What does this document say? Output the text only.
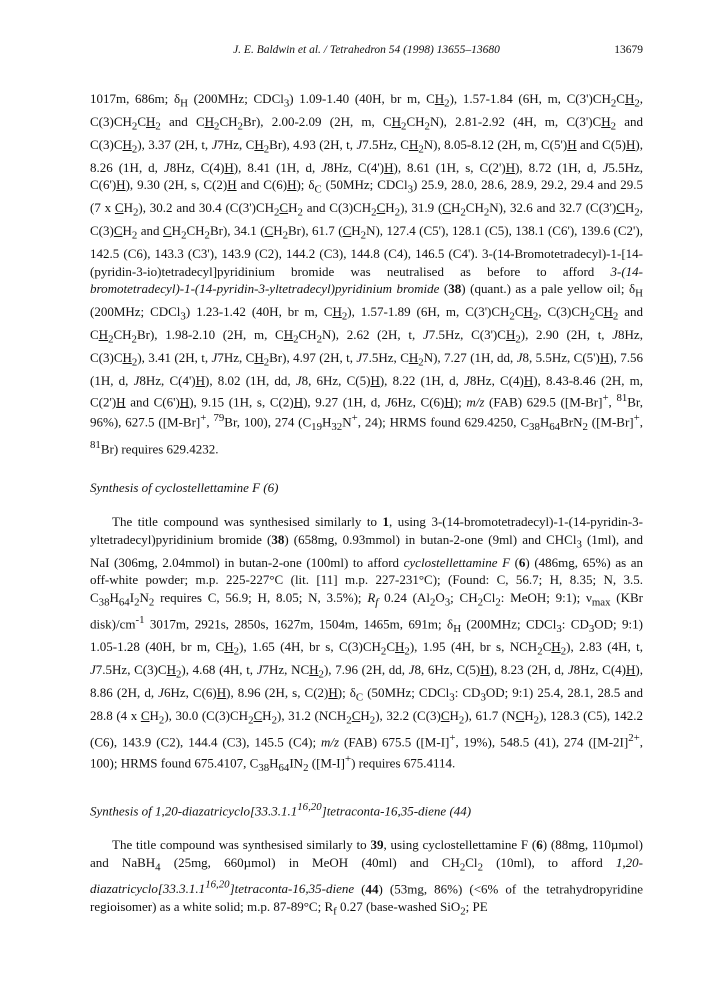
J. E. Baldwin et al. / Tetrahedron 54 (1998) 13655–13680	13679

1017m, 686m; $\delta_H$ (200MHz; CDCl$_3$) 1.09-1.40 (40H, br m, $CH_2$), 1.57-1.84 (6H, m, $C(3')CH_2CH_2$, $C(3)CH_2CH_2$ and $CH_2CH_2Br$), 2.00-2.09 (2H, m, $CH_2CH_2N$), 2.81-2.92 (4H, m, $C(3')CH_2$ and $C(3)CH_2$), 3.37 (2H, t, J7Hz, $CH_2Br$), 4.93 (2H, t, J7.5Hz, $CH_2N$), 8.05-8.12 (2H, m, C(5')H and C(5)H), 8.26 (1H, d, J8Hz, C(4)H), 8.41 (1H, d, J8Hz, C(4')H), 8.61 (1H, s, C(2')H), 8.72 (1H, d, J5.5Hz, C(6')H), 9.30 (2H, s, C(2)H and C(6)H); $\delta_C$ (50MHz; CDCl$_3$) 25.9, 28.0, 28.6, 28.9, 29.2, 29.4 and 29.5 (7 x $CH_2$), 30.2 and 30.4 ($C(3')CH_2CH_2$ and $C(3)CH_2CH_2$), 31.9 $(CH_2CH_2N)$, 32.6 and 32.7 ($C(3')CH_2$, $C(3)CH_2$ and $CH_2CH_2Br$), 34.1 $(CH_2Br)$, 61.7 $(CH_2N)$, 127.4 (C5'), 128.1 (C5), 138.1 (C6'), 139.6 (C2'), 142.5 (C6), 143.3 (C3'), 143.9 (C2), 144.2 (C3), 144.8 (C4), 146.5 (C4'). 3-(14-Bromotetradecyl)-1-[14-(pyridin-3-io)tetradecyl]pyridinium bromide was neutralised as before to afford 3-(14-bromotetradecyl)-1-(14-pyridin-3-yltetradecyl)pyridinium bromide (38) (quant.) as a pale yellow oil; $\delta_H$ (200MHz; CDCl$_3$) 1.23-1.42 (40H, br m, $CH_2$), 1.57-1.89 (6H, m, $C(3')CH_2CH_2$, $C(3)CH_2CH_2$ and $CH_2CH_2Br$), 1.98-2.10 (2H, m, $CH_2CH_2N$), 2.62 (2H, t, J7.5Hz, $C(3')CH_2$), 2.90 (2H, t, J8Hz, $C(3)CH_2$), 3.41 (2H, t, J7Hz, $CH_2Br$), 4.97 (2H, t, J7.5Hz, $CH_2N$), 7.27 (1H, dd, J8, 5.5Hz, C(5')H), 7.56 (1H, d, J8Hz, C(4')H), 8.02 (1H, dd, J8, 6Hz, C(5)H), 8.22 (1H, d, J8Hz, C(4)H), 8.43-8.46 (2H, m, C(2')H and C(6')H), 9.15 (1H, s, C(2)H), 9.27 (1H, d, J6Hz, C(6)H); m/z (FAB) 629.5 ([M-Br]+, $^{81}$Br, 96%), 627.5 ([M-Br]+, $^{79}$Br, 100), 274 ($C_{19}H_{32}N^+$, 24); HRMS found 629.4250, $C_{38}H_{64}BrN_2$ ([M-Br]+, $^{81}$Br) requires 629.4232.

Synthesis of cyclostellettamine F (6)

The title compound was synthesised similarly to 1, using 3-(14-bromotetradecyl)-1-(14-pyridin-3-yltetradecyl)pyridinium bromide (38) (658mg, 0.93mmol) in butan-2-one (9ml) and CHCl$_3$ (1ml), and NaI (306mg, 2.04mmol) in butan-2-one (100ml) to afford cyclostellettamine F (6) (486mg, 65%) as an off-white powder; m.p. 225-227°C (lit. [11] m.p. 227-231°C); (Found: C, 56.7; H, 8.35; N, 3.5. $C_{38}H_{64}I_2N_2$ requires C, 56.9; H, 8.05; N, 3.5%); $R_f$ 0.24 ($Al_2O_3$; $CH_2Cl_2$: MeOH; 9:1); $\nu_{max}$ (KBr $disk)/cm^{-1}$ 3017m, 2921s, 2850s, 1627m, 1504m, 1465m, 691m; $\delta_H$ (200MHz; CDCl$_3$: $CD_3OD$; 9:1) 1.05-1.28 (40H, br m, $CH_2$), 1.65 (4H, br s, $C(3)CH_2CH_2$), 1.95 (4H, br s, $NCH_2CH_2$), 2.83 (4H, t, J7.5Hz, $C(3)CH_2$), 4.68 (4H, t, J7Hz, $NCH_2$), 7.96 (2H, dd, J8, 6Hz, C(5)H), 8.23 (2H, d, J8Hz, C(4)H), 8.86 (2H, d, J6Hz, C(6)H), 8.96 (2H, s, C(2)H); $\delta_C$ (50MHz; CDCl$_3$: $CD_3OD$; 9:1) 25.4, 28.1, 28.5 and 28.8 (4 x $CH_2$), 30.0 $(C(3)CH_2CH_2)$, 31.2 $(NCH_2CH_2)$, 32.2 $(C(3)CH_2)$, 61.7 $(NCH_2)$, 128.3 (C5), 142.2 (C6), 143.9 (C2), 144.4 (C3), 145.5 (C4); m/z (FAB) 675.5 ([M-I]+, 19%), 548.5 (41), 274 ($[M-2I]^{2+}$, 100); HRMS found 675.4107, $C_{38}H_{64}IN_2$ ([M-I]+) requires 675.4114.

Synthesis of 1,20-diazatricyclo[33.3.1.1$^{16,20}$]tetraconta-16,35-diene (44)

The title compound was synthesised similarly to 39, using cyclostellettamine F (6) (88mg, 110µmol) and NaBH$_4$ (25mg, 660µmol) in MeOH (40ml) and $CH_2Cl_2$ (10ml), to afford 1,20-diazatricyclo[33.3.1.1$^{16,20}$]tetraconta-16,35-diene (44) (53mg, 86%) (<6% of the tetrahydropyridine regioisomer) as a white solid; m.p. 87-89°C; $R_f$ 0.27 (base-washed SiO$_2$; PE
